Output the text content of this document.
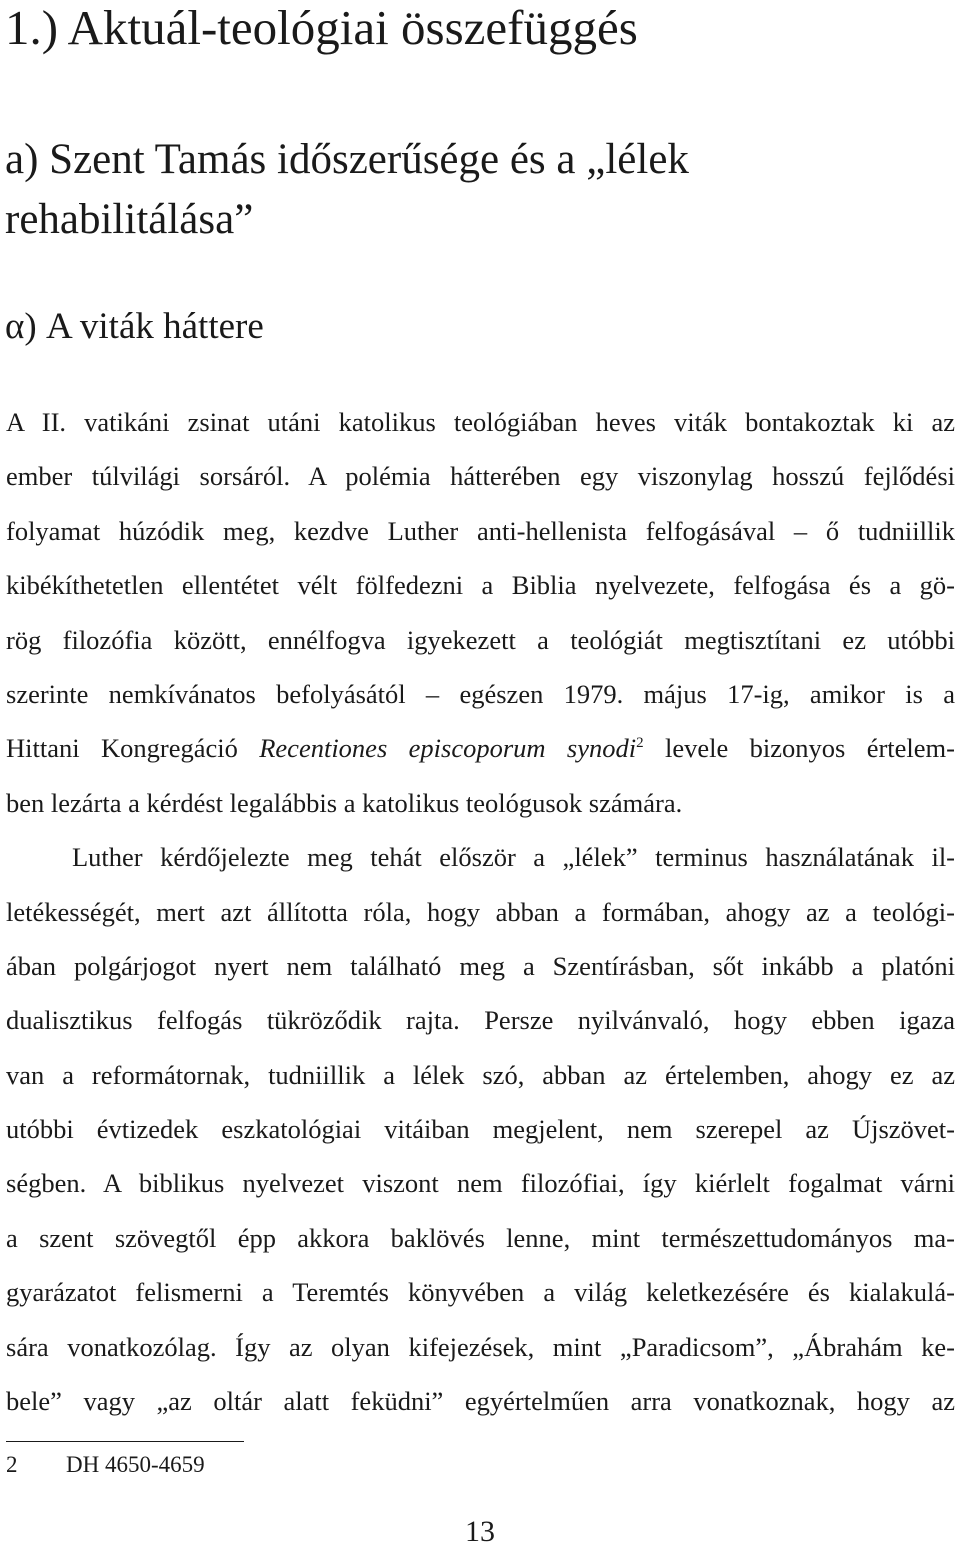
1.) Aktuál-teológiai összefüggés
a) Szent Tamás időszerűsége és a „lélek
rehabilitálása”
α) A viták háttere

A II. vatikáni zsinat utáni katolikus teológiában heves viták bontakoztak ki az
ember túlvilági sorsáról. A polémia hátterében egy viszonylag hosszú fejlődési
folyamat húzódik meg, kezdve Luther anti-hellenista felfogásával – ő tudniillik
kibékíthetetlen ellentétet vélt fölfedezni a Biblia nyelvezete, felfogása és a gö-
rög filozófia között, ennélfogva igyekezett a teológiát megtisztítani ez utóbbi
szerinte nemkívánatos befolyásától – egészen 1979. május 17-ig, amikor is a
Hittani Kongregáció Recentiones episcoporum synodi$^2$ levele bizonyos értelem-
ben lezárta a kérdést legalábbis a katolikus teológusok számára.

Luther kérdőjelezte meg tehát először a „lélek” terminus használatának il-
letékességét, mert azt állította róla, hogy abban a formában, ahogy az a teológi-
ában polgárjogot nyert nem található meg a Szentírásban, sőt inkább a platóni
dualisztikus felfogás tükröződik rajta. Persze nyilvánvaló, hogy ebben igaza
van a reformátornak, tudniillik a lélek szó, abban az értelemben, ahogy ez az
utóbbi évtizedek eszkatológiai vitáiban megjelent, nem szerepel az Újszövet-
ségben. A biblikus nyelvezet viszont nem filozófiai, így kiérlelt fogalmat várni
a szent szövegtől épp akkora baklövés lenne, mint természettudományos ma-
gyarázatot felismerni a Teremtés könyvében a világ keletkezésére és kialakulá-
sára vonatkozólag. Így az olyan kifejezések, mint „Paradicsom”, „Ábrahám ke-
bele” vagy „az oltár alatt feküdni” egyértelműen arra vonatkoznak, hogy az

2 DH 4650-4659
13
